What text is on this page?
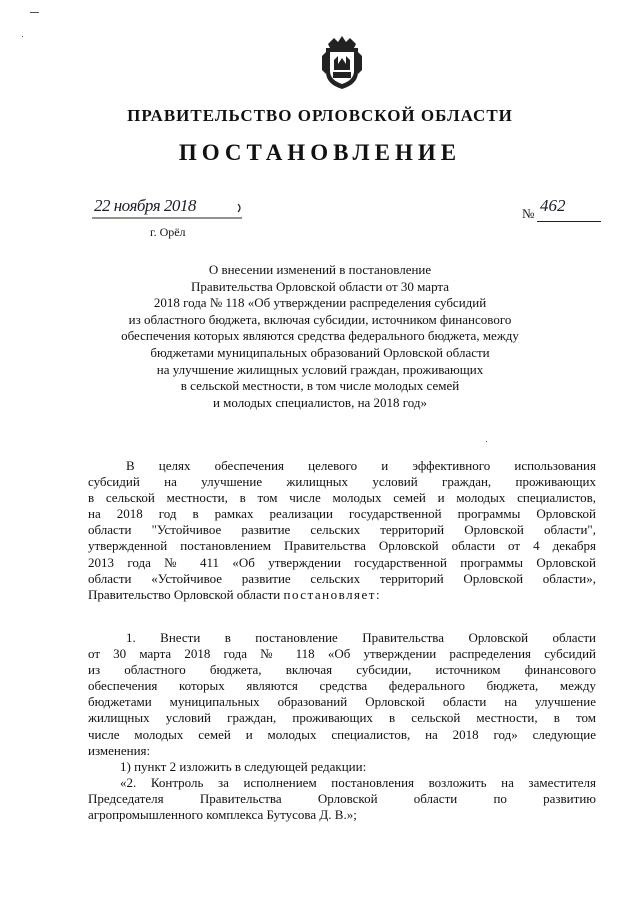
ПРАВИТЕЛЬСТВО ОРЛОВСКОЙ ОБЛАСТИ
ПОСТАНОВЛЕНИЕ
22 ноября 2018
г. Орёл
№ 462
О внесении изменений в постановление
Правительства Орловской области от 30 марта
2018 года № 118 «Об утверждении распределения субсидий
из областного бюджета, включая субсидии, источником финансового
обеспечения которых являются средства федерального бюджета, между
бюджетами муниципальных образований Орловской области
на улучшение жилищных условий граждан, проживающих
в сельской местности, в том числе молодых семей
и молодых специалистов, на 2018 год»
В целях обеспечения целевого и эффективного использования
субсидий на улучшение жилищных условий граждан, проживающих
в сельской местности, в том числе молодых семей и молодых специалистов,
на 2018 год в рамках реализации государственной программы Орловской
области "Устойчивое развитие сельских территорий Орловской области",
утвержденной постановлением Правительства Орловской области от 4 декабря
2013 года № 411 «Об утверждении государственной программы Орловской
области «Устойчивое развитие сельских территорий Орловской области»,
Правительство Орловской области постановляет:
1. Внести в постановление Правительства Орловской области
от 30 марта 2018 года № 118 «Об утверждении распределения субсидий
из областного бюджета, включая субсидии, источником финансового
обеспечения которых являются средства федерального бюджета, между
бюджетами муниципальных образований Орловской области на улучшение
жилищных условий граждан, проживающих в сельской местности, в том
числе молодых семей и молодых специалистов, на 2018 год» следующие
изменения:
1) пункт 2 изложить в следующей редакции:
«2. Контроль за исполнением постановления возложить на заместителя
Председателя Правительства Орловской области по развитию
агропромышленного комплекса Бутусова Д. В.»;
